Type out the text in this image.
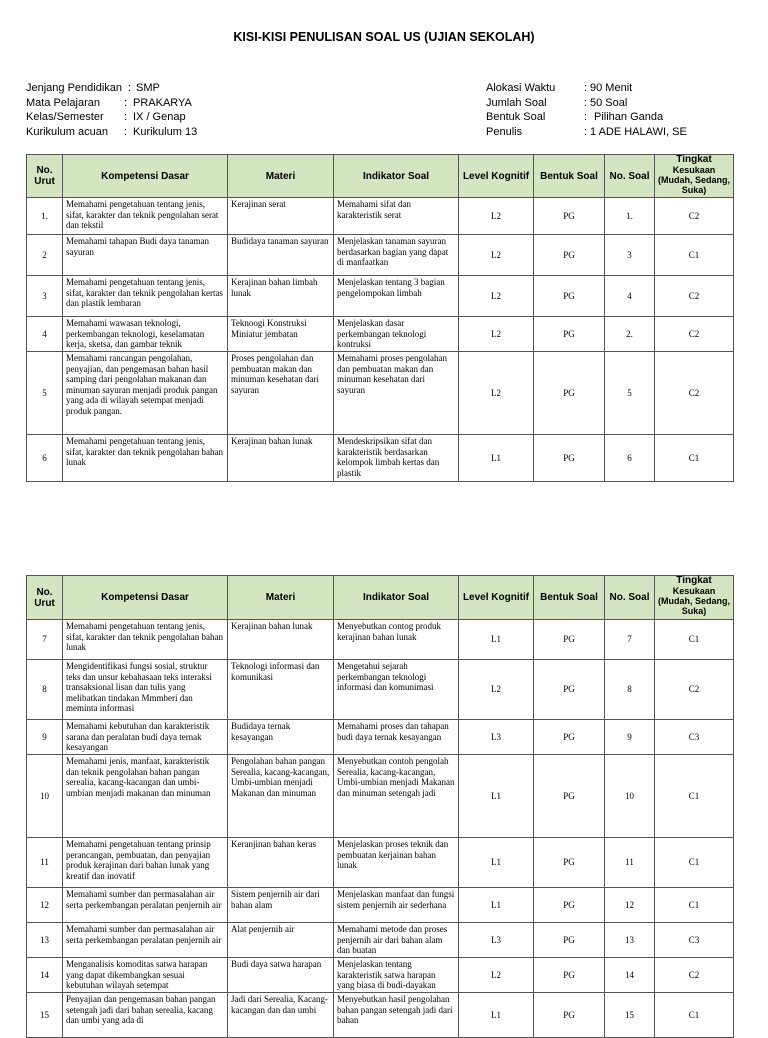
KISI-KISI PENULISAN SOAL US (UJIAN SEKOLAH)
Jenjang Pendidikan : SMP
Mata Pelajaran : PRAKARYA
Kelas/Semester : IX / Genap
Kurikulum acuan : Kurikulum 13
Alokasi Waktu	: 90 Menit
Jumlah Soal	: 50 Soal
Bentuk Soal	: Pilihan Ganda
Penulis	: 1 ADE HALAWI, SE
No. Urut	Kompetensi Dasar	Materi	Indikator Soal	Level Kognitif	Bentuk Soal	No. Soal	Tingkat
Kesukaan (Mudah, Sedang, Suka)

1.	Memahami pengetahuan tentang jenis, sifat, karakter dan teknik pengolahan serat dan tekstil	Kerajinan serat	Memahami sifat dan karakteristik serat	L2	PG	1.	C2
2	Memahami tahapan Budi daya tanaman sayuran	Budidaya tanaman sayuran	Menjelaskan tanaman sayuran berdasarkan bagian yang dapat di manfaatkan	L2	PG	3	C1
3	Memahami pengetahuan tentang jenis, sifat, karakter dan teknik pengolahan kertas dan plastik lembaran	Kerajinan bahan limbah lunak	Menjelaskan tentang 3 bagian pengelompokan limbah	L2	PG	4	C2
4	Memahami wawasan teknologi, perkembangan teknologi, keselamatan kerja, sketsa, dan gambar teknik	Teknoogi Konstruksi Miniatur jembatan	Menjelaskan dasar perkembangan teknologi kontruksi	L2	PG	2.	C2
5	Memahami rancangan pengolahan, penyajian, dan pengemasan bahan hasil samping dari pengolahan makanan dan minuman sayuran menjadi produk pangan yang ada di wilayah setempat menjadi produk pangan.	Proses pengolahan dan pembuatan makan dan minuman kesehatan dari sayuran	Memahami proses pengolahan dan pembuatan makan dan minuman kesehatan dari sayuran	L2	PG	5	C2
6	Memahami pengetahuan tentang jenis, sifat, karakter dan teknik pengolahan bahan lunak	Kerajinan bahan lunak	Mendeskripsikan sifat dan karakteristik berdasarkan kelompok limbah kertas dan plastik	L1	PG	6	C1
No. Urut	Kompetensi Dasar	Materi	Indikator Soal	Level Kognitif	Bentuk Soal	No. Soal	Tingkat
Kesukaan (Mudah, Sedang, Suka)

7	Memahami pengetahuan tentang jenis, sifat, karakter dan teknik pengolahan bahan lunak	Kerajinan bahan lunak	Menyebutkan contog produk kerajinan bahan lunak	L1	PG	7	C1
8	Mengidentifikasi fungsi sosial, struktur teks dan unsur kebahasaan teks interaksi transaksional lisan dan tulis yang melibatkan tindakan Mmmberi dan meminta informasi	Teknologi informasi dan komunikasi	Mengetahui sejarah perkembangan teknologi informasi dan komunimasi	L2	PG	8	C2
9	Memahami kebutuhan dan karakteristik sarana dan peralatan budi daya ternak kesayangan	Budidaya ternak kesayangan	Memahami proses dan tahapan budi daya ternak kesayangan	L3	PG	9	C3
10	Memahami jenis, manfaat, karakteristik dan teknik pengolahan bahan pangan serealia, kacang-kacangan dan umbi-umbian menjadi makanan dan minuman	Pengolahan bahan pangan Serealia, kacang-kacangan, Umbi-umbian menjadi Makanan dan minuman	Menyebutkan contoh pengolah Serealia, kacang-kacangan, Umbi-umbian menjadi Makanan dan minuman setengah jadi	L1	PG	10	C1
11	Memahami pengetahuan tentang prinsip perancangan, pembuatan, dan penyajian produk kerajinan dari bahan lunak yang kreatif dan inovatif	Keranjinan bahan keras	Menjelaskan proses teknik dan pembuatan kerjainan bahan lunak	L1	PG	11	C1
12	Memahami sumber dan permasalahan air serta perkembangan peralatan penjernih air	Sistem penjernih air dari bahan alam	Menjelaskan manfaat dan fungsi sistem penjernih air sederhana	L1	PG	12	C1
13	Memahami sumber dan permasalahan air serta perkembangan peralatan penjernih air	Alat penjernih air	Memahami metode dan proses penjernih air dari bahan alam dan buatan	L3	PG	13	C3
14	Menganalisis komoditas satwa harapan yang dapat dikembangkan sesuai kebutuhan wilayah setempat	Budi daya satwa harapan	Menjelaskan tentang karakteristik satwa harapan yang biasa di budi-dayakan	L2	PG	14	C2
15	Penyajian dan pengemasan bahan pangan setengah jadi dari bahan serealia, kacang dan umbi yang ada di	Jadi dari Serealia, Kacang-kacangan dan dan umbi	Menyebutkan hasil pengolahan bahan pangan setengah jadi dari bahan	L1	PG	15	C1
